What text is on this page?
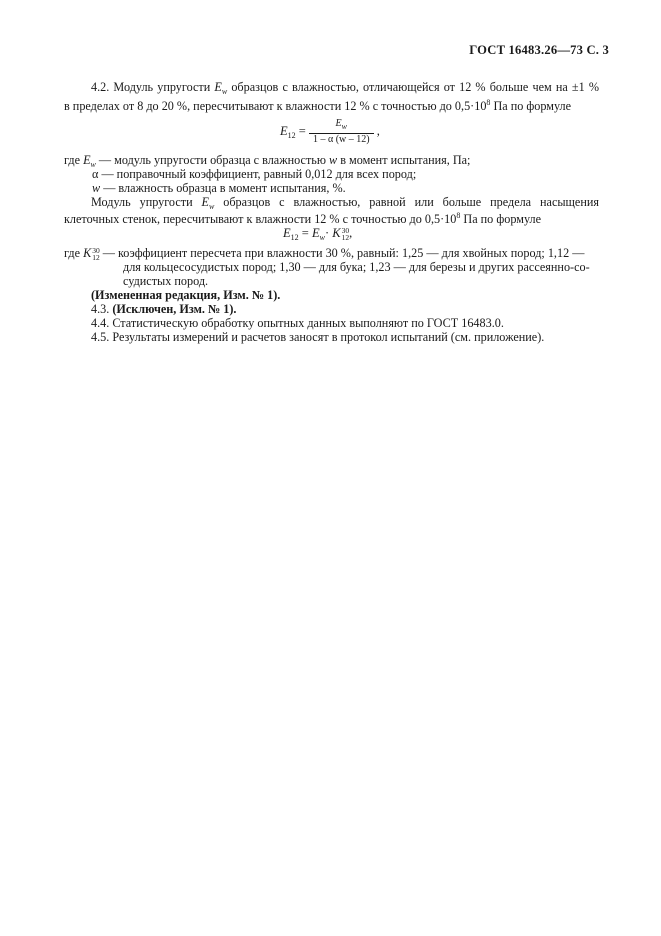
ГОСТ 16483.26—73 С. 3
4.2. Модуль упругости $E_w$ образцов с влажностью, отличающейся от 12 % больше чем на ±1 %
в пределах от 8 до 20 %, пересчитывают к влажности 12 % с точностью до $0,5\cdot 10^8$ Па по формуле
$E_{12} = \frac{E_w}{1 - \alpha (w - 12)}$ ,
где $E_w$ — модуль упругости образца с влажностью w в момент испытания, Па;
α — поправочный коэффициент, равный 0,012 для всех пород;
w — влажность образца в момент испытания, %.
Модуль упругости $E_w$ образцов с влажностью, равной или больше предела насыщения
клеточных стенок, пересчитывают к влажности 12 % с точностью до $0,5\cdot 10^8$ Па по формуле
$E_{12} = E_w\cdot K$ 30
12 ,
где K 30
12 — коэффициент пересчета при влажности 30 %, равный: 1,25 — для хвойных пород; 1,12 —
для кольцесосудистых пород; 1,30 — для бука; 1,23 — для березы и других рассеянно-со-
судистых пород.
(Измененная редакция, Изм. № 1).
4.3. (Исключен, Изм. № 1).
4.4. Статистическую обработку опытных данных выполняют по ГОСТ 16483.0.
4.5. Результаты измерений и расчетов заносят в протокол испытаний (см. приложение).
